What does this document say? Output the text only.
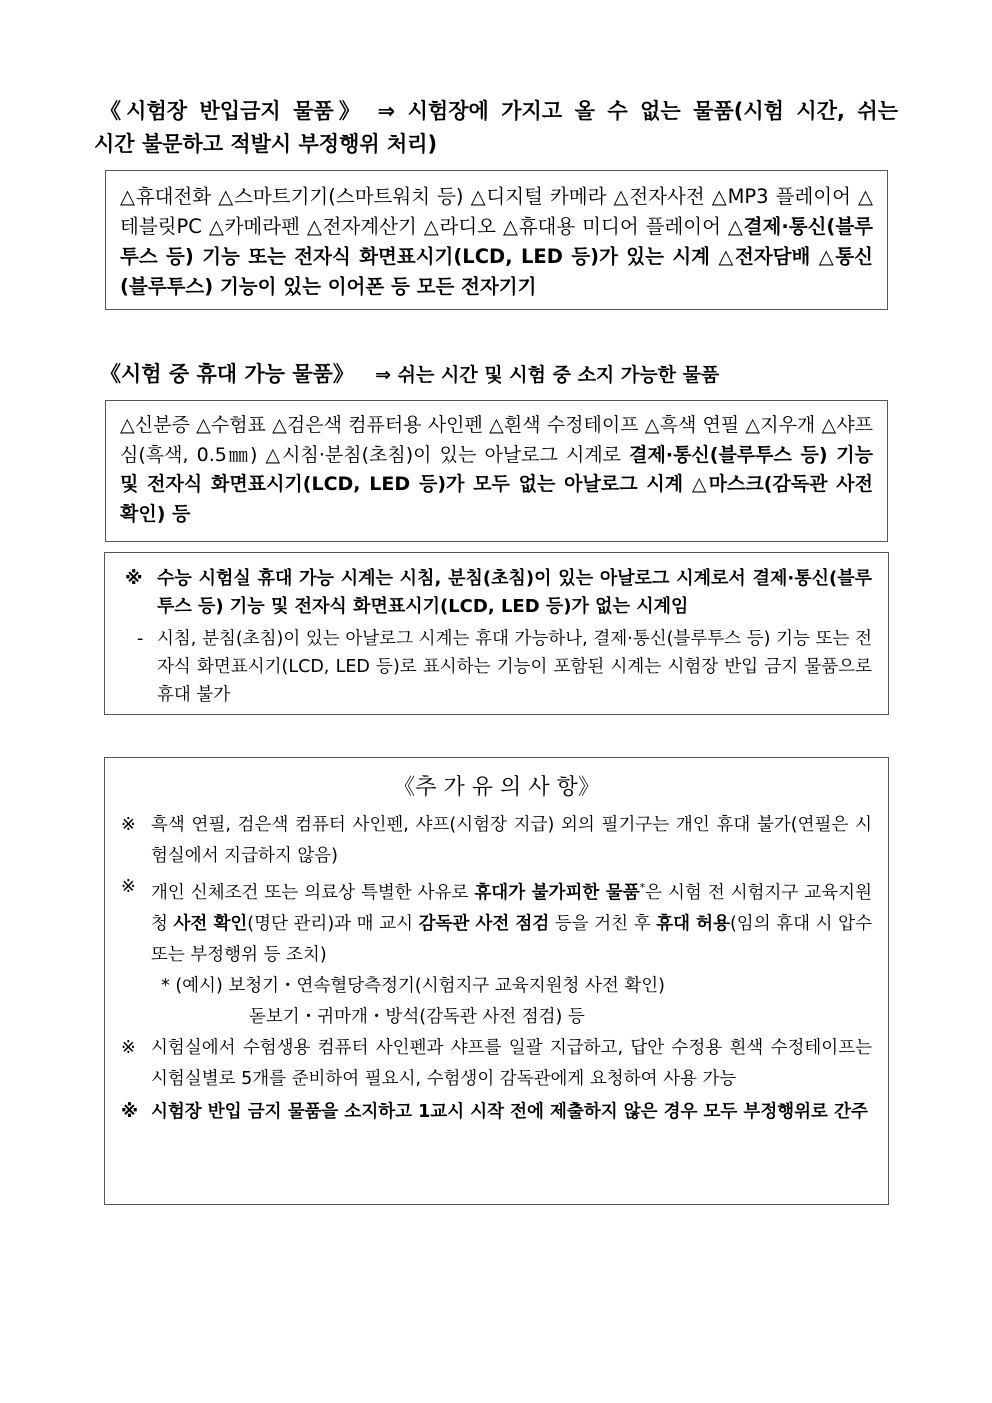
《시험장 반입금지 물품》 ⇒ 시험장에 가지고 올 수 없는 물품(시험 시간, 쉬는
시간 불문하고 적발시 부정행위 처리)

△휴대전화 △스마트기기(스마트워치 등) △디지털 카메라 △전자사전 △MP3 플레이어 △테블릿PC △카메라펜 △전자계산기 △라디오 △휴대용 미디어 플레이어 △결제·통신(블루투스 등) 기능 또는 전자식 화면표시기(LCD, LED 등)가 있는 시계 △전자담배 △통신(블루투스) 기능이 있는 이어폰 등 모든 전자기기

《시험 중 휴대 가능 물품》 ⇒ 쉬는 시간 및 시험 중 소지 가능한 물품

△신분증 △수험표 △검은색 컴퓨터용 사인펜 △흰색 수정테이프 △흑색 연필 △지우개 △샤프심(흑색, 0.5㎜) △시침·분침(초침)이 있는 아날로그 시계로 결제·통신(블루투스 등) 기능 및 전자식 화면표시기(LCD, LED 등)가 모두 없는 아날로그 시계 △마스크(감독관 사전 확인) 등

※ 수능 시험실 휴대 가능 시계는 시침, 분침(초침)이 있는 아날로그 시계로서 결제·통신(블루투스 등) 기능 및 전자식 화면표시기(LCD, LED 등)가 없는 시계임
- 시침, 분침(초침)이 있는 아날로그 시계는 휴대 가능하나, 결제·통신(블루투스 등) 기능 또는 전자식 화면표시기(LCD, LED 등)로 표시하는 기능이 포함된 시계는 시험장 반입 금지 물품으로 휴대 불가
《추 가 유 의 사 항》
※ 흑색 연필, 검은색 컴퓨터 사인펜, 샤프(시험장 지급) 외의 필기구는 개인 휴대 불가(연필은 시험실에서 지급하지 않음)
※ 개인 신체조건 또는 의료상 특별한 사유로 휴대가 불가피한 물품*은 시험 전 시험지구 교육지원청 사전 확인(명단 관리)과 매 교시 감독관 사전 점검 등을 거친 후 휴대 허용(임의 휴대 시 압수 또는 부정행위 등 조치)
* (예시) 보청기・연속혈당측정기(시험지구 교육지원청 사전 확인)
돋보기・귀마개・방석(감독관 사전 점검) 등
※ 시험실에서 수험생용 컴퓨터 사인펜과 샤프를 일괄 지급하고, 답안 수정용 흰색 수정테이프는 시험실별로 5개를 준비하여 필요시, 수험생이 감독관에게 요청하여 사용 가능
※ 시험장 반입 금지 물품을 소지하고 1교시 시작 전에 제출하지 않은 경우 모두 부정행위로 간주
